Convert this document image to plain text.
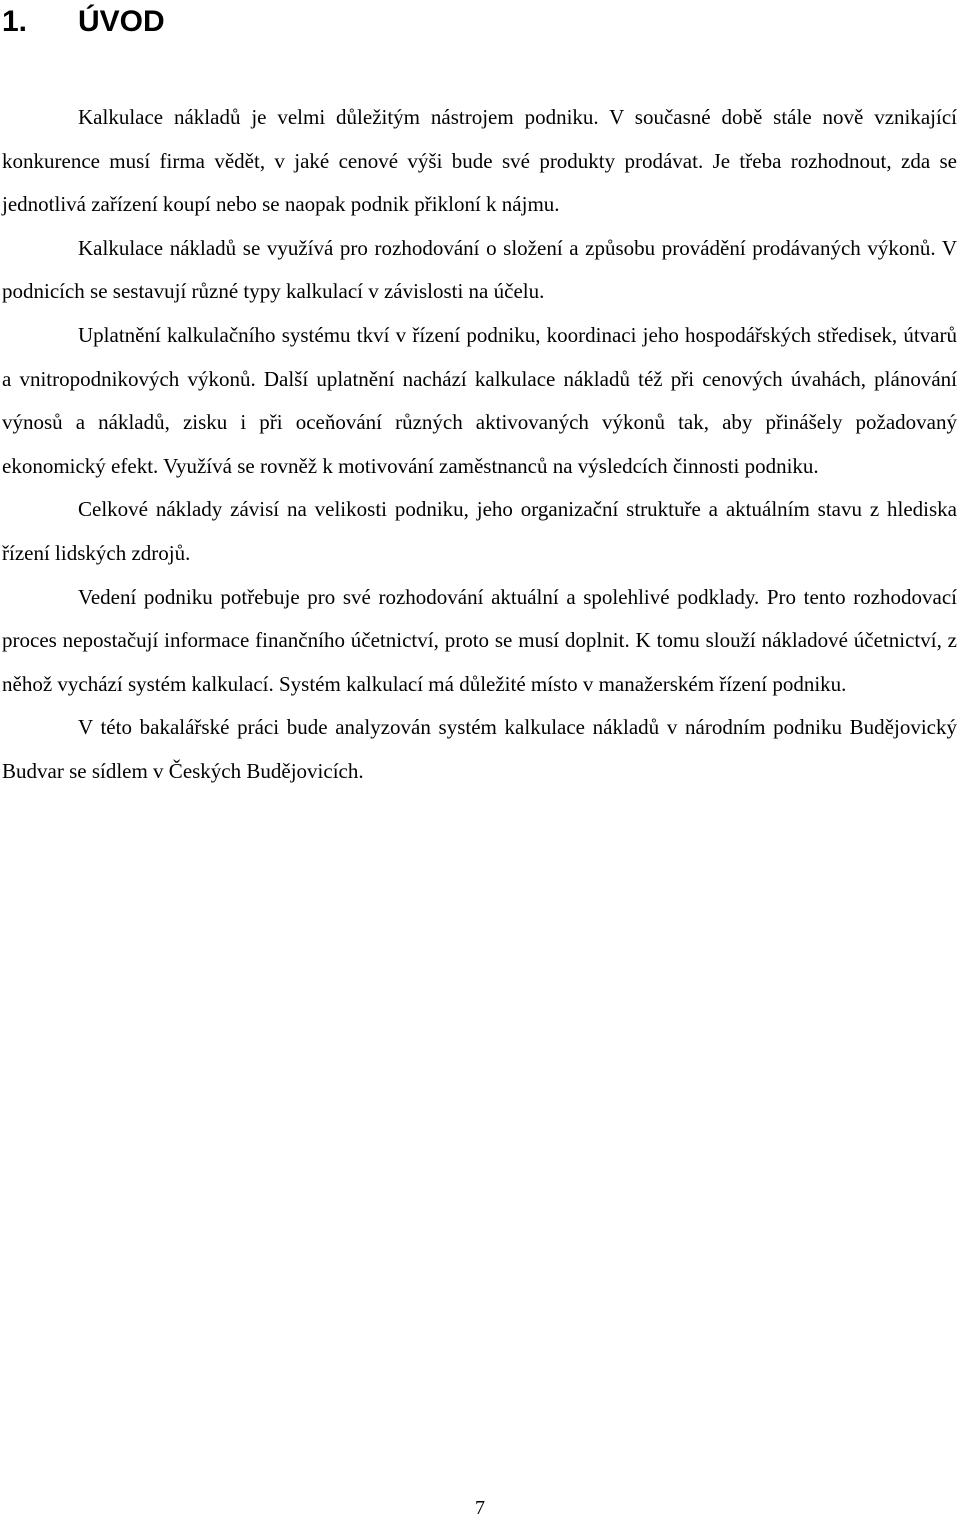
1. ÚVOD

Kalkulace nákladů je velmi důležitým nástrojem podniku. V současné době stále nově vznikající konkurence musí firma vědět, v jaké cenové výši bude své produkty prodávat. Je třeba rozhodnout, zda se jednotlivá zařízení koupí nebo se naopak podnik přikloní k nájmu.

Kalkulace nákladů se využívá pro rozhodování o složení a způsobu provádění prodávaných výkonů. V podnicích se sestavují různé typy kalkulací v závislosti na účelu.

Uplatnění kalkulačního systému tkví v řízení podniku, koordinaci jeho hospodářských středisek, útvarů a vnitropodnikových výkonů. Další uplatnění nachází kalkulace nákladů též při cenových úvahách, plánování výnosů a nákladů, zisku i při oceňování různých aktivovaných výkonů tak, aby přinášely požadovaný ekonomický efekt. Využívá se rovněž k motivování zaměstnanců na výsledcích činnosti podniku.

Celkové náklady závisí na velikosti podniku, jeho organizační struktuře a aktuálním stavu z hlediska řízení lidských zdrojů.

Vedení podniku potřebuje pro své rozhodování aktuální a spolehlivé podklady. Pro tento rozhodovací proces nepostačují informace finančního účetnictví, proto se musí doplnit. K tomu slouží nákladové účetnictví, z něhož vychází systém kalkulací. Systém kalkulací má důležité místo v manažerském řízení podniku.

V této bakalářské práci bude analyzován systém kalkulace nákladů v národním podniku Budějovický Budvar se sídlem v Českých Budějovicích.

7
